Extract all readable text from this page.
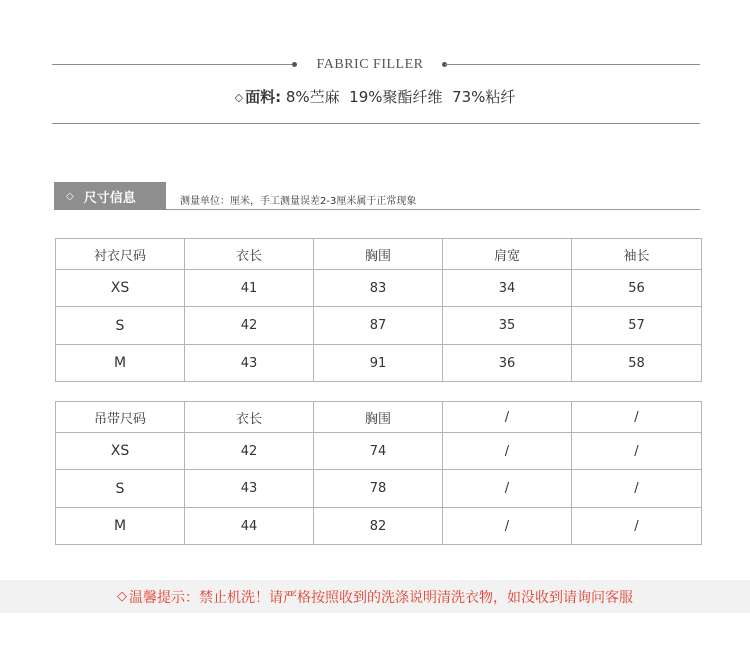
FABRIC FILLER
◇ 面料: 8%苎麻  19%聚酯纤维  73%粘纤
◇ 尺寸信息	测量单位：厘米，手工测量误差2-3厘米属于正常现象
衬衣尺码	衣长	胸围	肩宽	袖长
XS	41	83	34	56
S	42	87	35	57
M	43	91	36	58
吊带尺码	衣长	胸围	/	/
XS	42	74	/	/
S	43	78	/	/
M	44	82	/	/
◇ 温馨提示：禁止机洗！请严格按照收到的洗涤说明清洗衣物，如没收到请询问客服
